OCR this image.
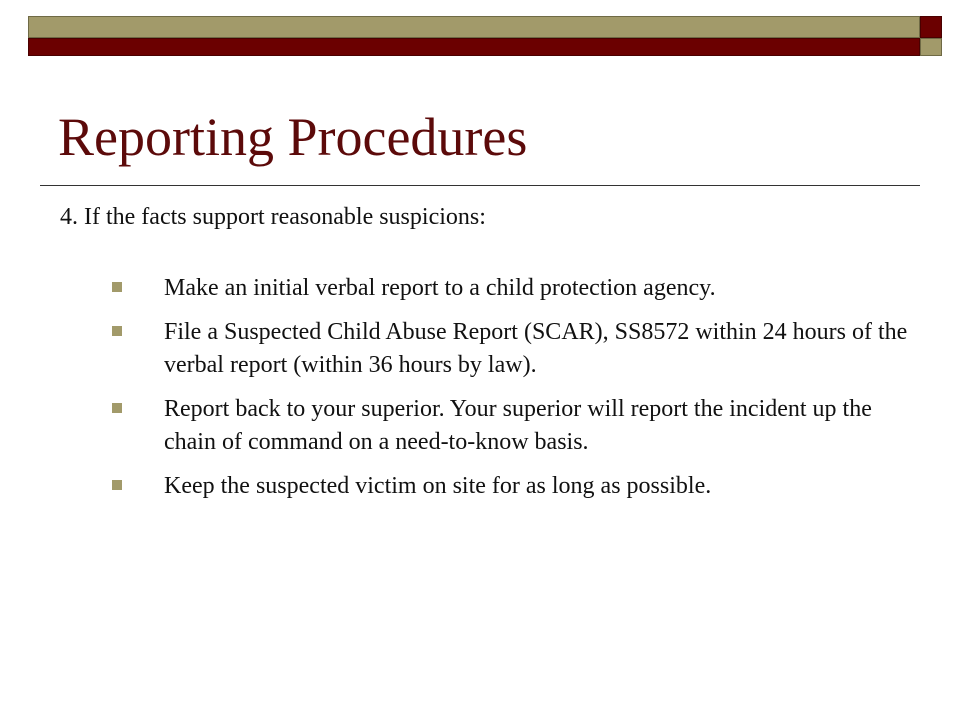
Reporting Procedures

4. If the facts support reasonable suspicions:

Make an initial verbal report to a child protection agency.
File a Suspected Child Abuse Report (SCAR), SS8572 within 24 hours of the verbal report (within 36 hours by law).
Report back to your superior. Your superior will report the incident up the chain of command on a need-to-know basis.
Keep the suspected victim on site for as long as possible.
